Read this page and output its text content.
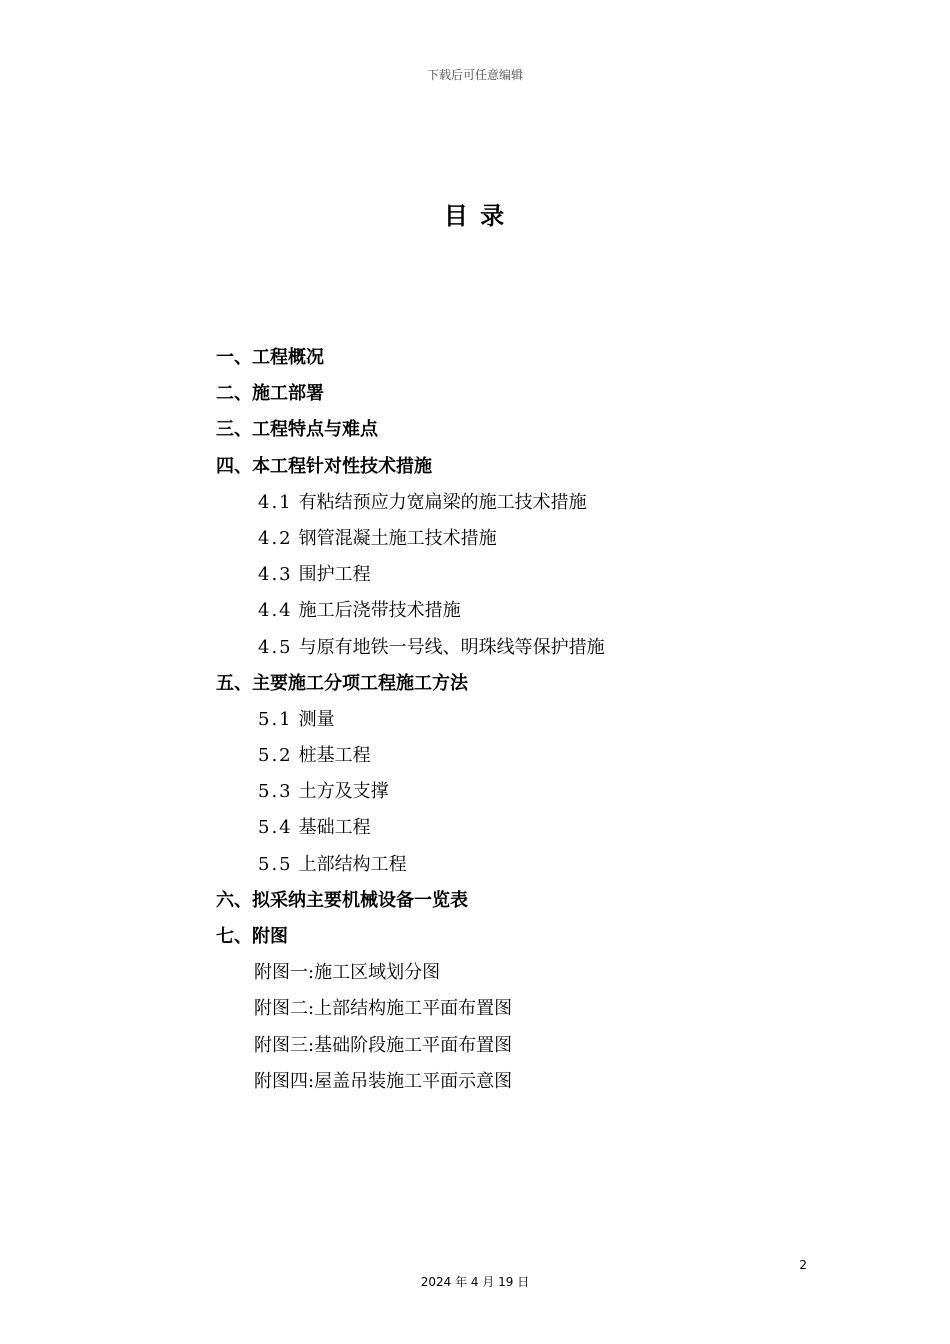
下载后可任意编辑
目 录
一、工程概况
二、施工部署
三、工程特点与难点
四、本工程针对性技术措施
4.1 有粘结预应力宽扁梁的施工技术措施
4.2 钢管混凝土施工技术措施
4.3 围护工程
4.4 施工后浇带技术措施
4.5 与原有地铁一号线、明珠线等保护措施
五、主要施工分项工程施工方法
5.1 测量
5.2 桩基工程
5.3 土方及支撑
5.4 基础工程
5.5 上部结构工程
六、拟采纳主要机械设备一览表
七、附图
附图一:施工区域划分图
附图二:上部结构施工平面布置图
附图三:基础阶段施工平面布置图
附图四:屋盖吊装施工平面示意图
2
2024 年 4 月 19 日
